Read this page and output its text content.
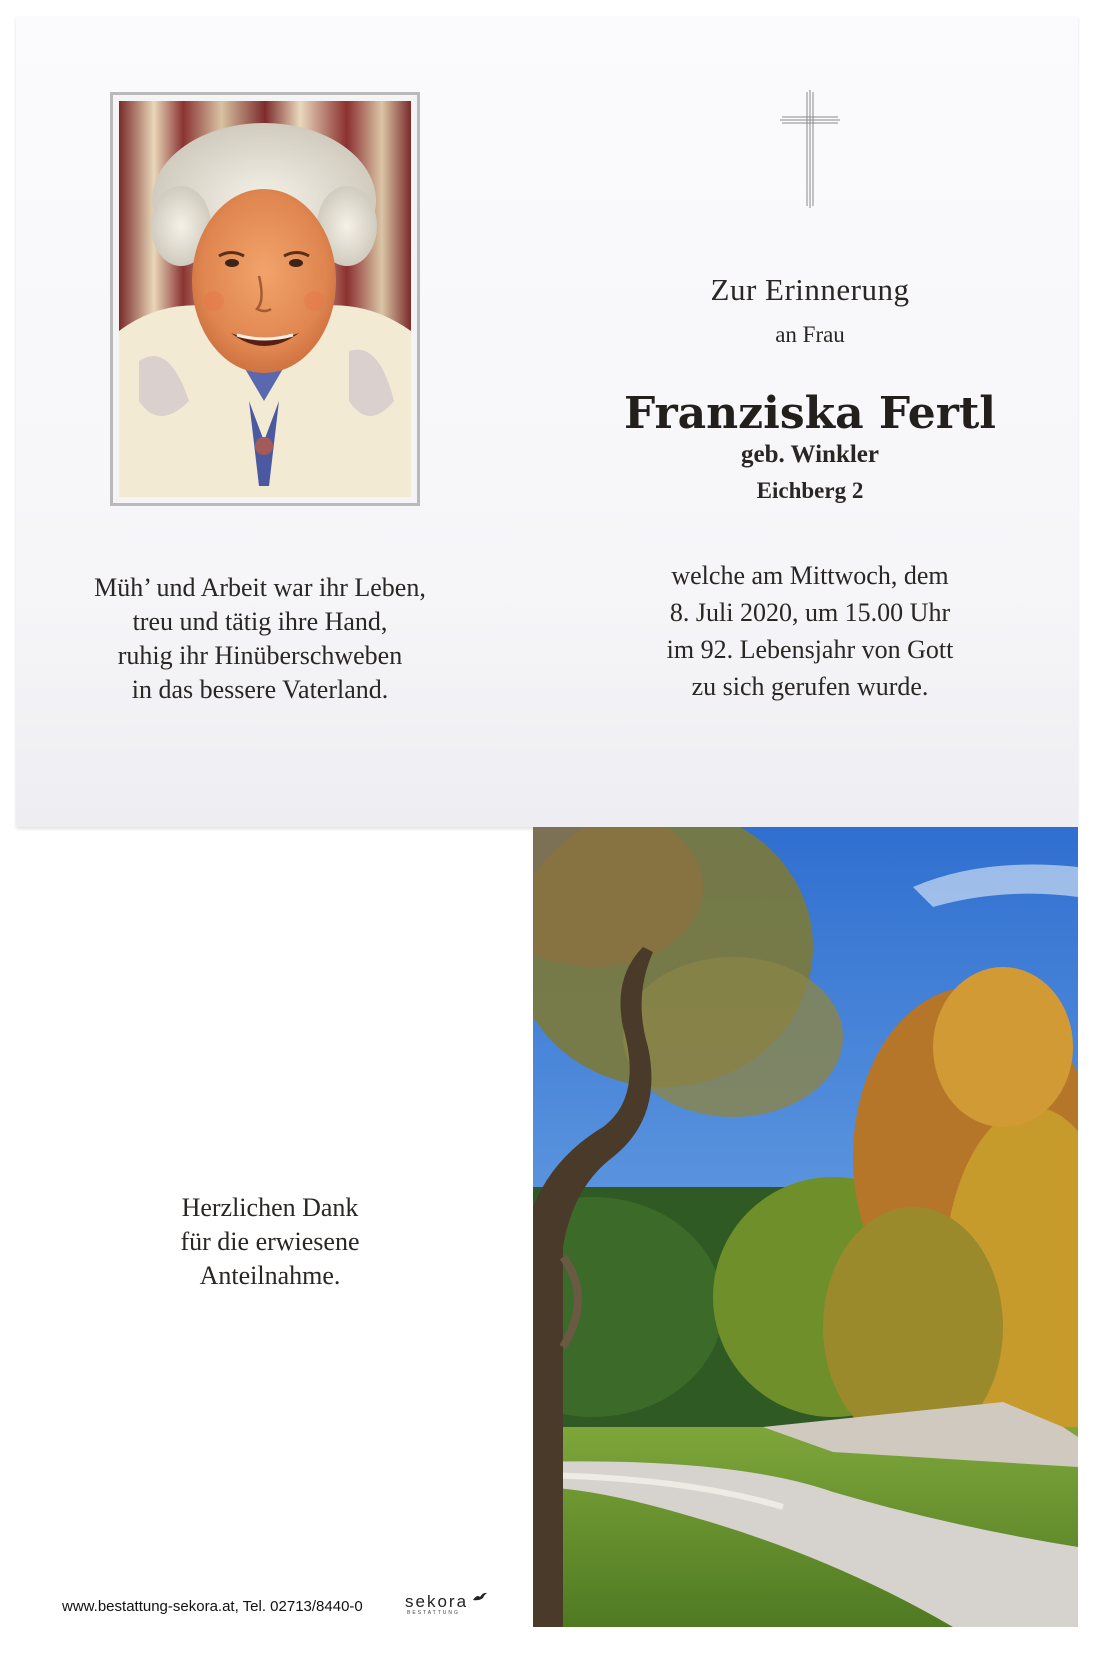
Zur Erinnerung
an Frau
Franziska Fertl
geb. Winkler
Eichberg 2
welche am Mittwoch, dem
8. Juli 2020, um 15.00 Uhr
im 92. Lebensjahr von Gott
zu sich gerufen wurde.
Müh’ und Arbeit war ihr Leben,
treu und tätig ihre Hand,
ruhig ihr Hinüberschweben
in das bessere Vaterland.
Herzlichen Dank
für die erwiesene
Anteilnahme.
www.bestattung-sekora.at, Tel. 02713/8440-0 sekora
BESTATTUNG
